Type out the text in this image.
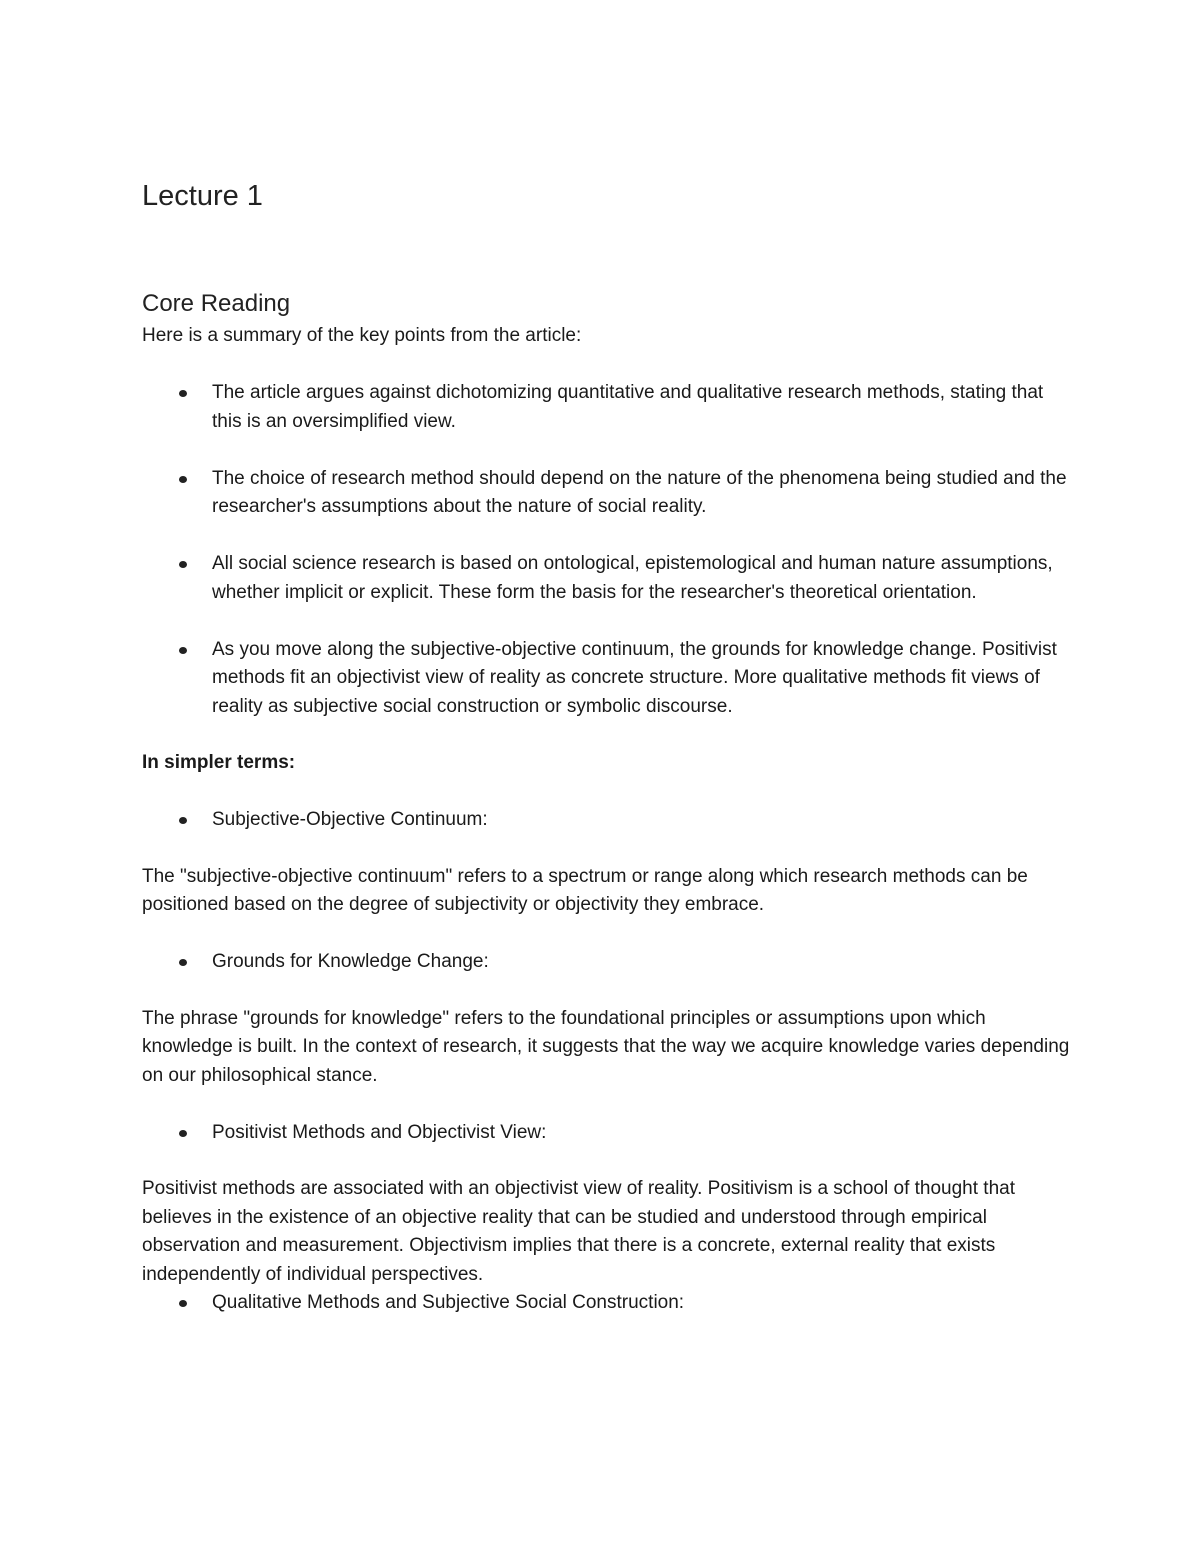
Lecture 1
Core Reading

Here is a summary of the key points from the article:

The article argues against dichotomizing quantitative and qualitative research methods, stating that this is an oversimplified view.
The choice of research method should depend on the nature of the phenomena being studied and the researcher's assumptions about the nature of social reality.
All social science research is based on ontological, epistemological and human nature assumptions, whether implicit or explicit. These form the basis for the researcher's theoretical orientation.
As you move along the subjective-objective continuum, the grounds for knowledge change. Positivist methods fit an objectivist view of reality as concrete structure. More qualitative methods fit views of reality as subjective social construction or symbolic discourse.

In simpler terms:

Subjective-Objective Continuum:

The "subjective-objective continuum" refers to a spectrum or range along which research methods can be positioned based on the degree of subjectivity or objectivity they embrace.

Grounds for Knowledge Change:

The phrase "grounds for knowledge" refers to the foundational principles or assumptions upon which knowledge is built. In the context of research, it suggests that the way we acquire knowledge varies depending on our philosophical stance.

Positivist Methods and Objectivist View:

Positivist methods are associated with an objectivist view of reality. Positivism is a school of thought that believes in the existence of an objective reality that can be studied and understood through empirical observation and measurement. Objectivism implies that there is a concrete, external reality that exists independently of individual perspectives.

Qualitative Methods and Subjective Social Construction:
